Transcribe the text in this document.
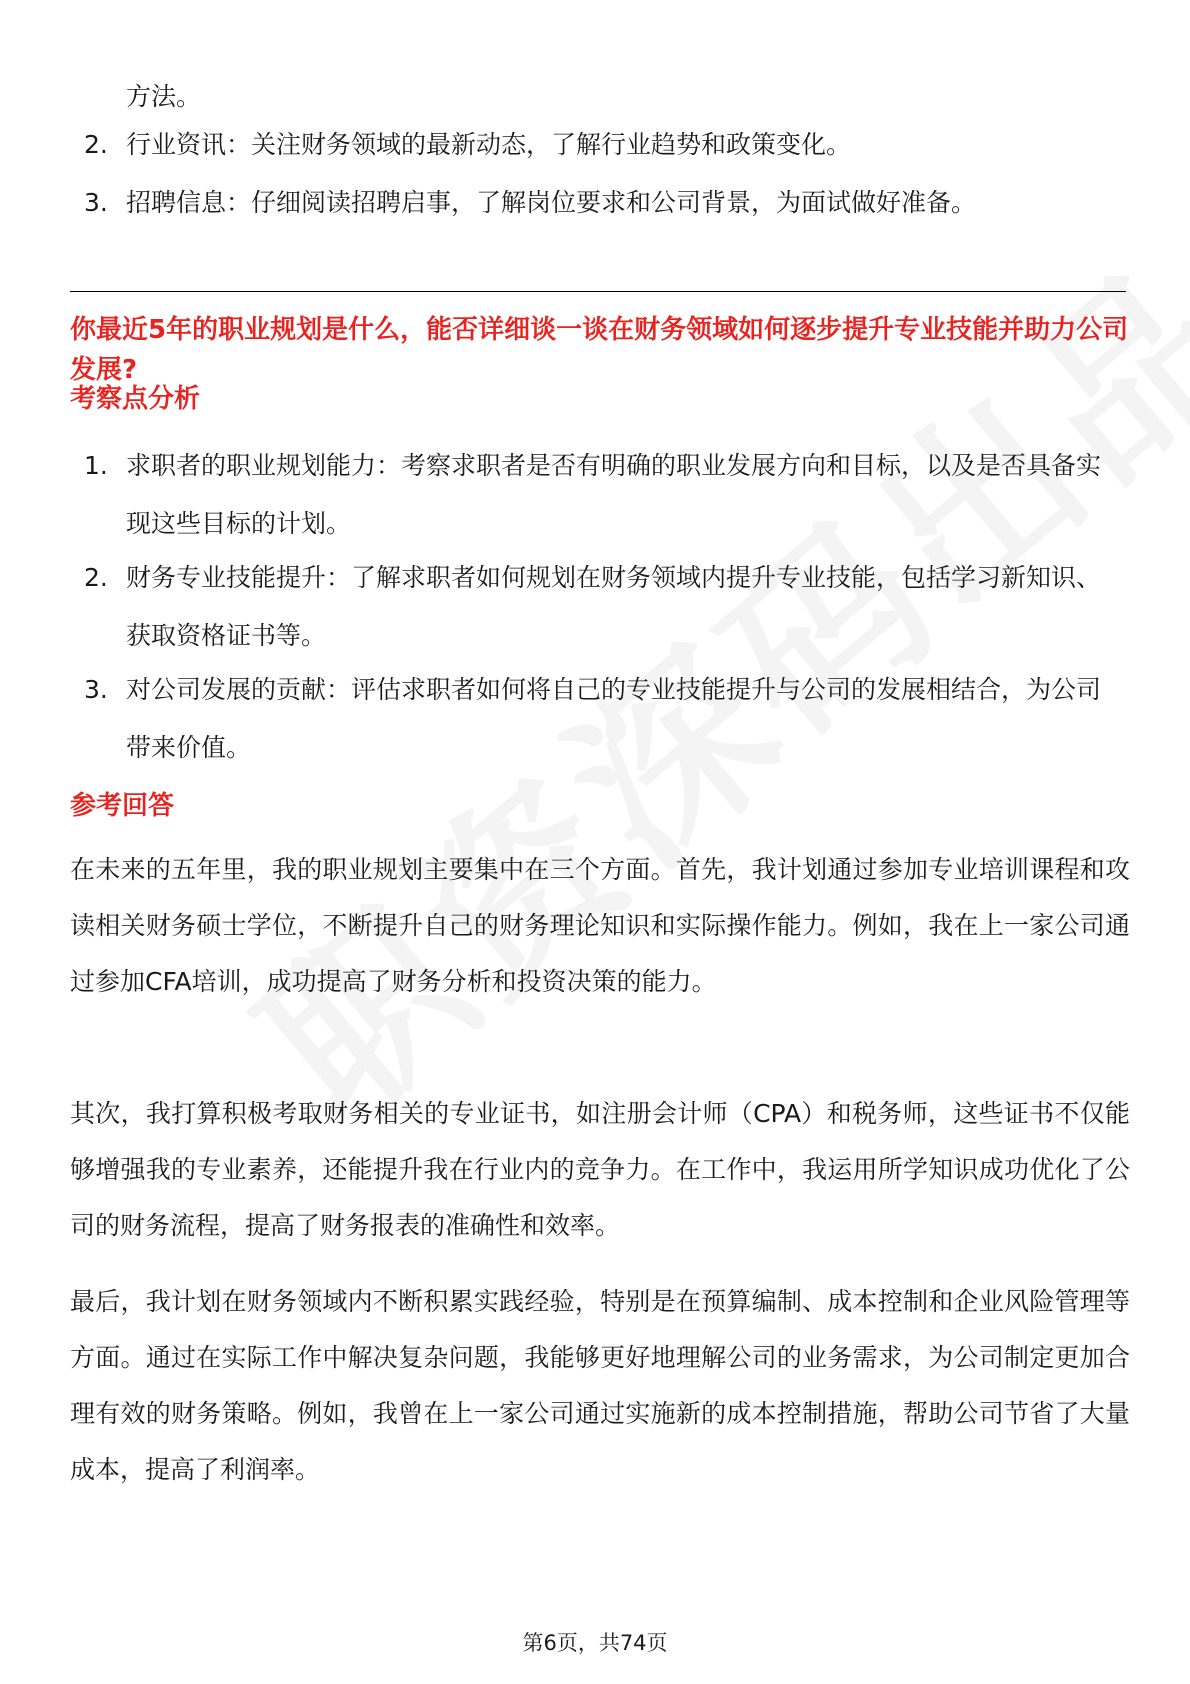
方法。
2. 行业资讯：关注财务领域的最新动态，了解行业趋势和政策变化。
3. 招聘信息：仔细阅读招聘启事，了解岗位要求和公司背景，为面试做好准备。
你最近5年的职业规划是什么，能否详细谈一谈在财务领域如何逐步提升专业技能并助力公司发展?
考察点分析
1. 求职者的职业规划能力：考察求职者是否有明确的职业发展方向和目标，以及是否具备实现这些目标的计划。
2. 财务专业技能提升：了解求职者如何规划在财务领域内提升专业技能，包括学习新知识、获取资格证书等。
3. 对公司发展的贡献：评估求职者如何将自己的专业技能提升与公司的发展相结合，为公司带来价值。
参考回答
在未来的五年里，我的职业规划主要集中在三个方面。首先，我计划通过参加专业培训课程和攻读相关财务硕士学位，不断提升自己的财务理论知识和实际操作能力。例如，我在上一家公司通过参加CFA培训，成功提高了财务分析和投资决策的能力。
其次，我打算积极考取财务相关的专业证书，如注册会计师（CPA）和税务师，这些证书不仅能够增强我的专业素养，还能提升我在行业内的竞争力。在工作中，我运用所学知识成功优化了公司的财务流程，提高了财务报表的准确性和效率。
最后，我计划在财务领域内不断积累实践经验，特别是在预算编制、成本控制和企业风险管理等方面。通过在实际工作中解决复杂问题，我能够更好地理解公司的业务需求，为公司制定更加合理有效的财务策略。例如，我曾在上一家公司通过实施新的成本控制措施，帮助公司节省了大量成本，提高了利润率。
第6页，共74页
